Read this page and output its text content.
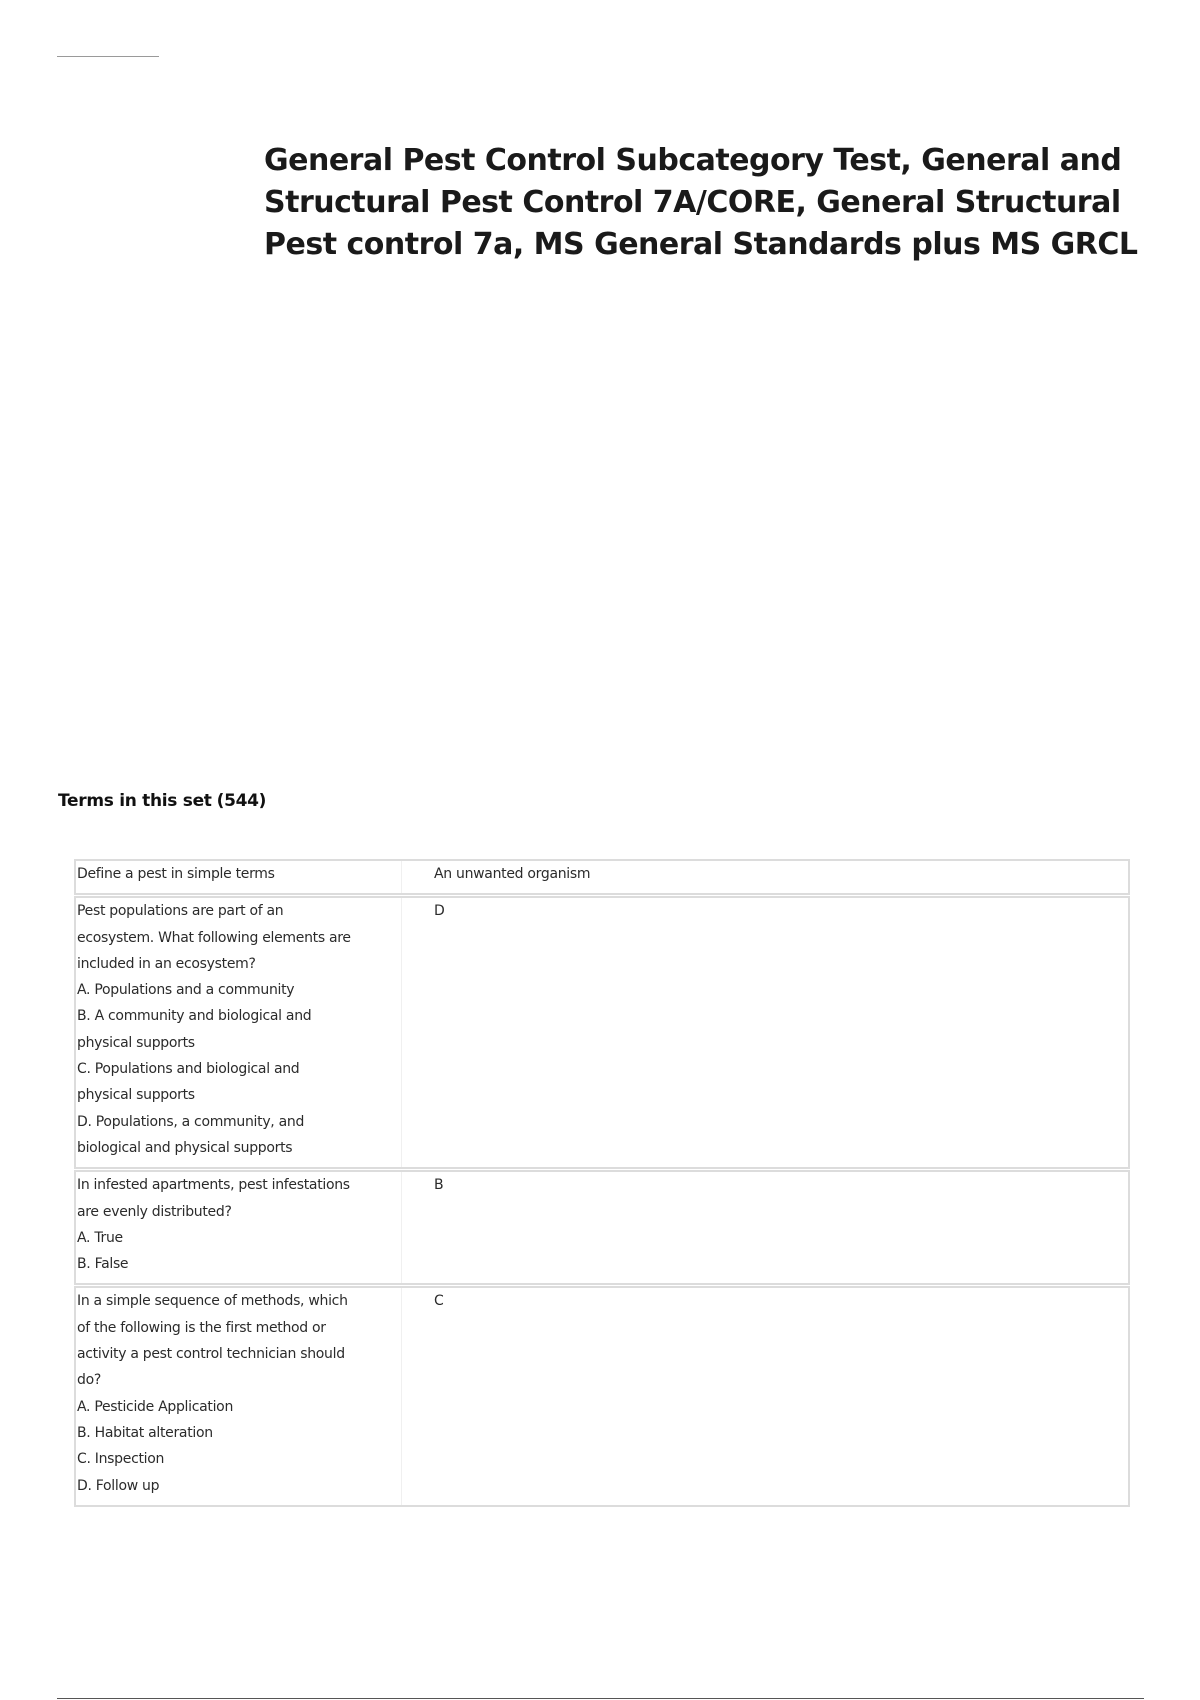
General Pest Control Subcategory Test, General and Structural Pest Control 7A/CORE, General Structural Pest control 7a, MS General Standards plus MS GRCL
Terms in this set (544)
Define a pest in simple terms	An unwanted organism
Pest populations are part of an
ecosystem. What following elements are
included in an ecosystem?
A. Populations and a community
B. A community and biological and
physical supports
C. Populations and biological and
physical supports
D. Populations, a community, and
biological and physical supports
D
In infested apartments, pest infestations
are evenly distributed?
A. True
B. False
B
In a simple sequence of methods, which
of the following is the first method or
activity a pest control technician should
do?
A. Pesticide Application
B. Habitat alteration
C. Inspection
D. Follow up
C
